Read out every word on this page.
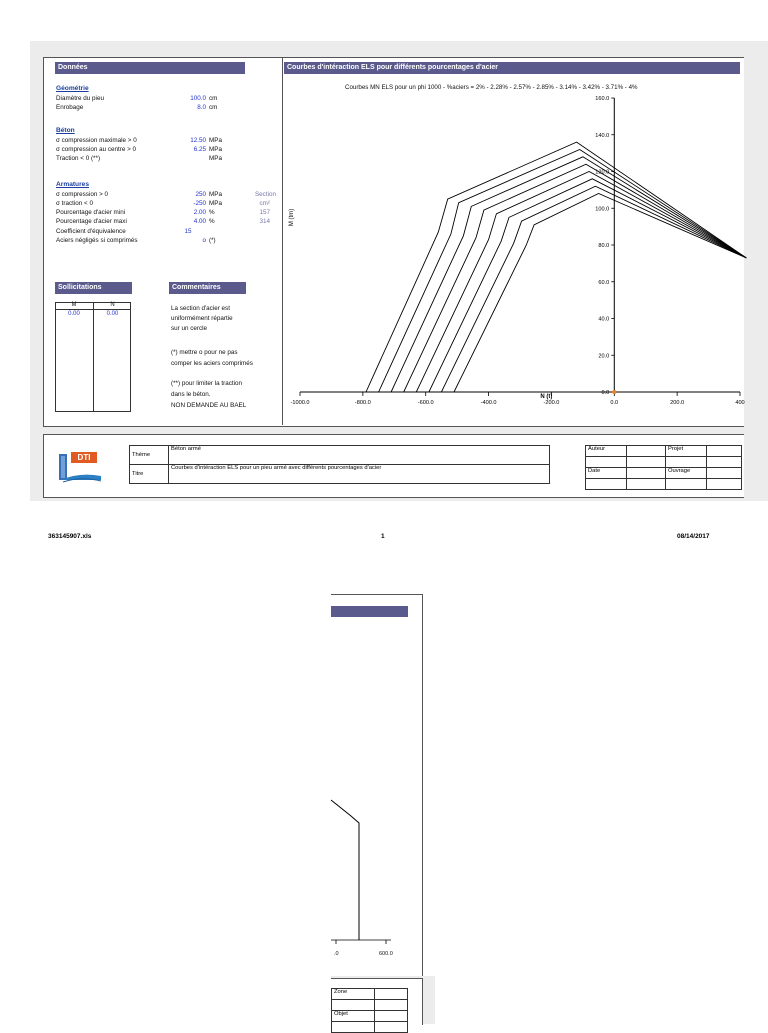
Données
Géométrie
Diamètre du pieu	100.0 cm
Enrobage	8.0 cm
Béton
σ compression maximale > 0	12.50 MPa
σ compression au centre > 0	6.25 MPa
Traction < 0 (**)	MPa
Armatures
σ compression > 0	250 MPa	Section
σ traction < 0	-250 MPa	cm²
Pourcentage d'acier mini	2.00 %	157
Pourcentage d'acier maxi	4.00 %	314
Coefficient d'équivalence	15
Aciers négligés si comprimés	o (*)
Sollicitations
M	N
0.00	0.00
Commentaires
La section d'acier est
uniformément répartie
sur un cercle
(*) mettre o pour ne pas
comper les aciers comprimés
(**) pour limiter la traction
dans le béton.
NON DEMANDE AU BAEL
Courbes d'intéraction ELS pour différents pourcentages d'acier
Courbes MN ELS pour un phi 1000 - %aciers = 2% - 2.28% - 2.57% - 2.85% - 3.14% - 3.42% - 3.71% - 4%
-1000.0	-800.0	-600.0	-400.0	-200.0	0.0	200.0	400
0.0
20.0
40.0
60.0
80.0
100.0
120.0
140.0
160.0
N (t)
M (tm)
DTI	Thème	Béton armé
Titre	Courbes d'intéraction ELS pour un pieu armé avec différents pourcentages d'acier
Auteur		Projet	

Date		Ouvrage	

363145907.xls	1	08/14/2017
.0	600.0
Zone	

Objet	
